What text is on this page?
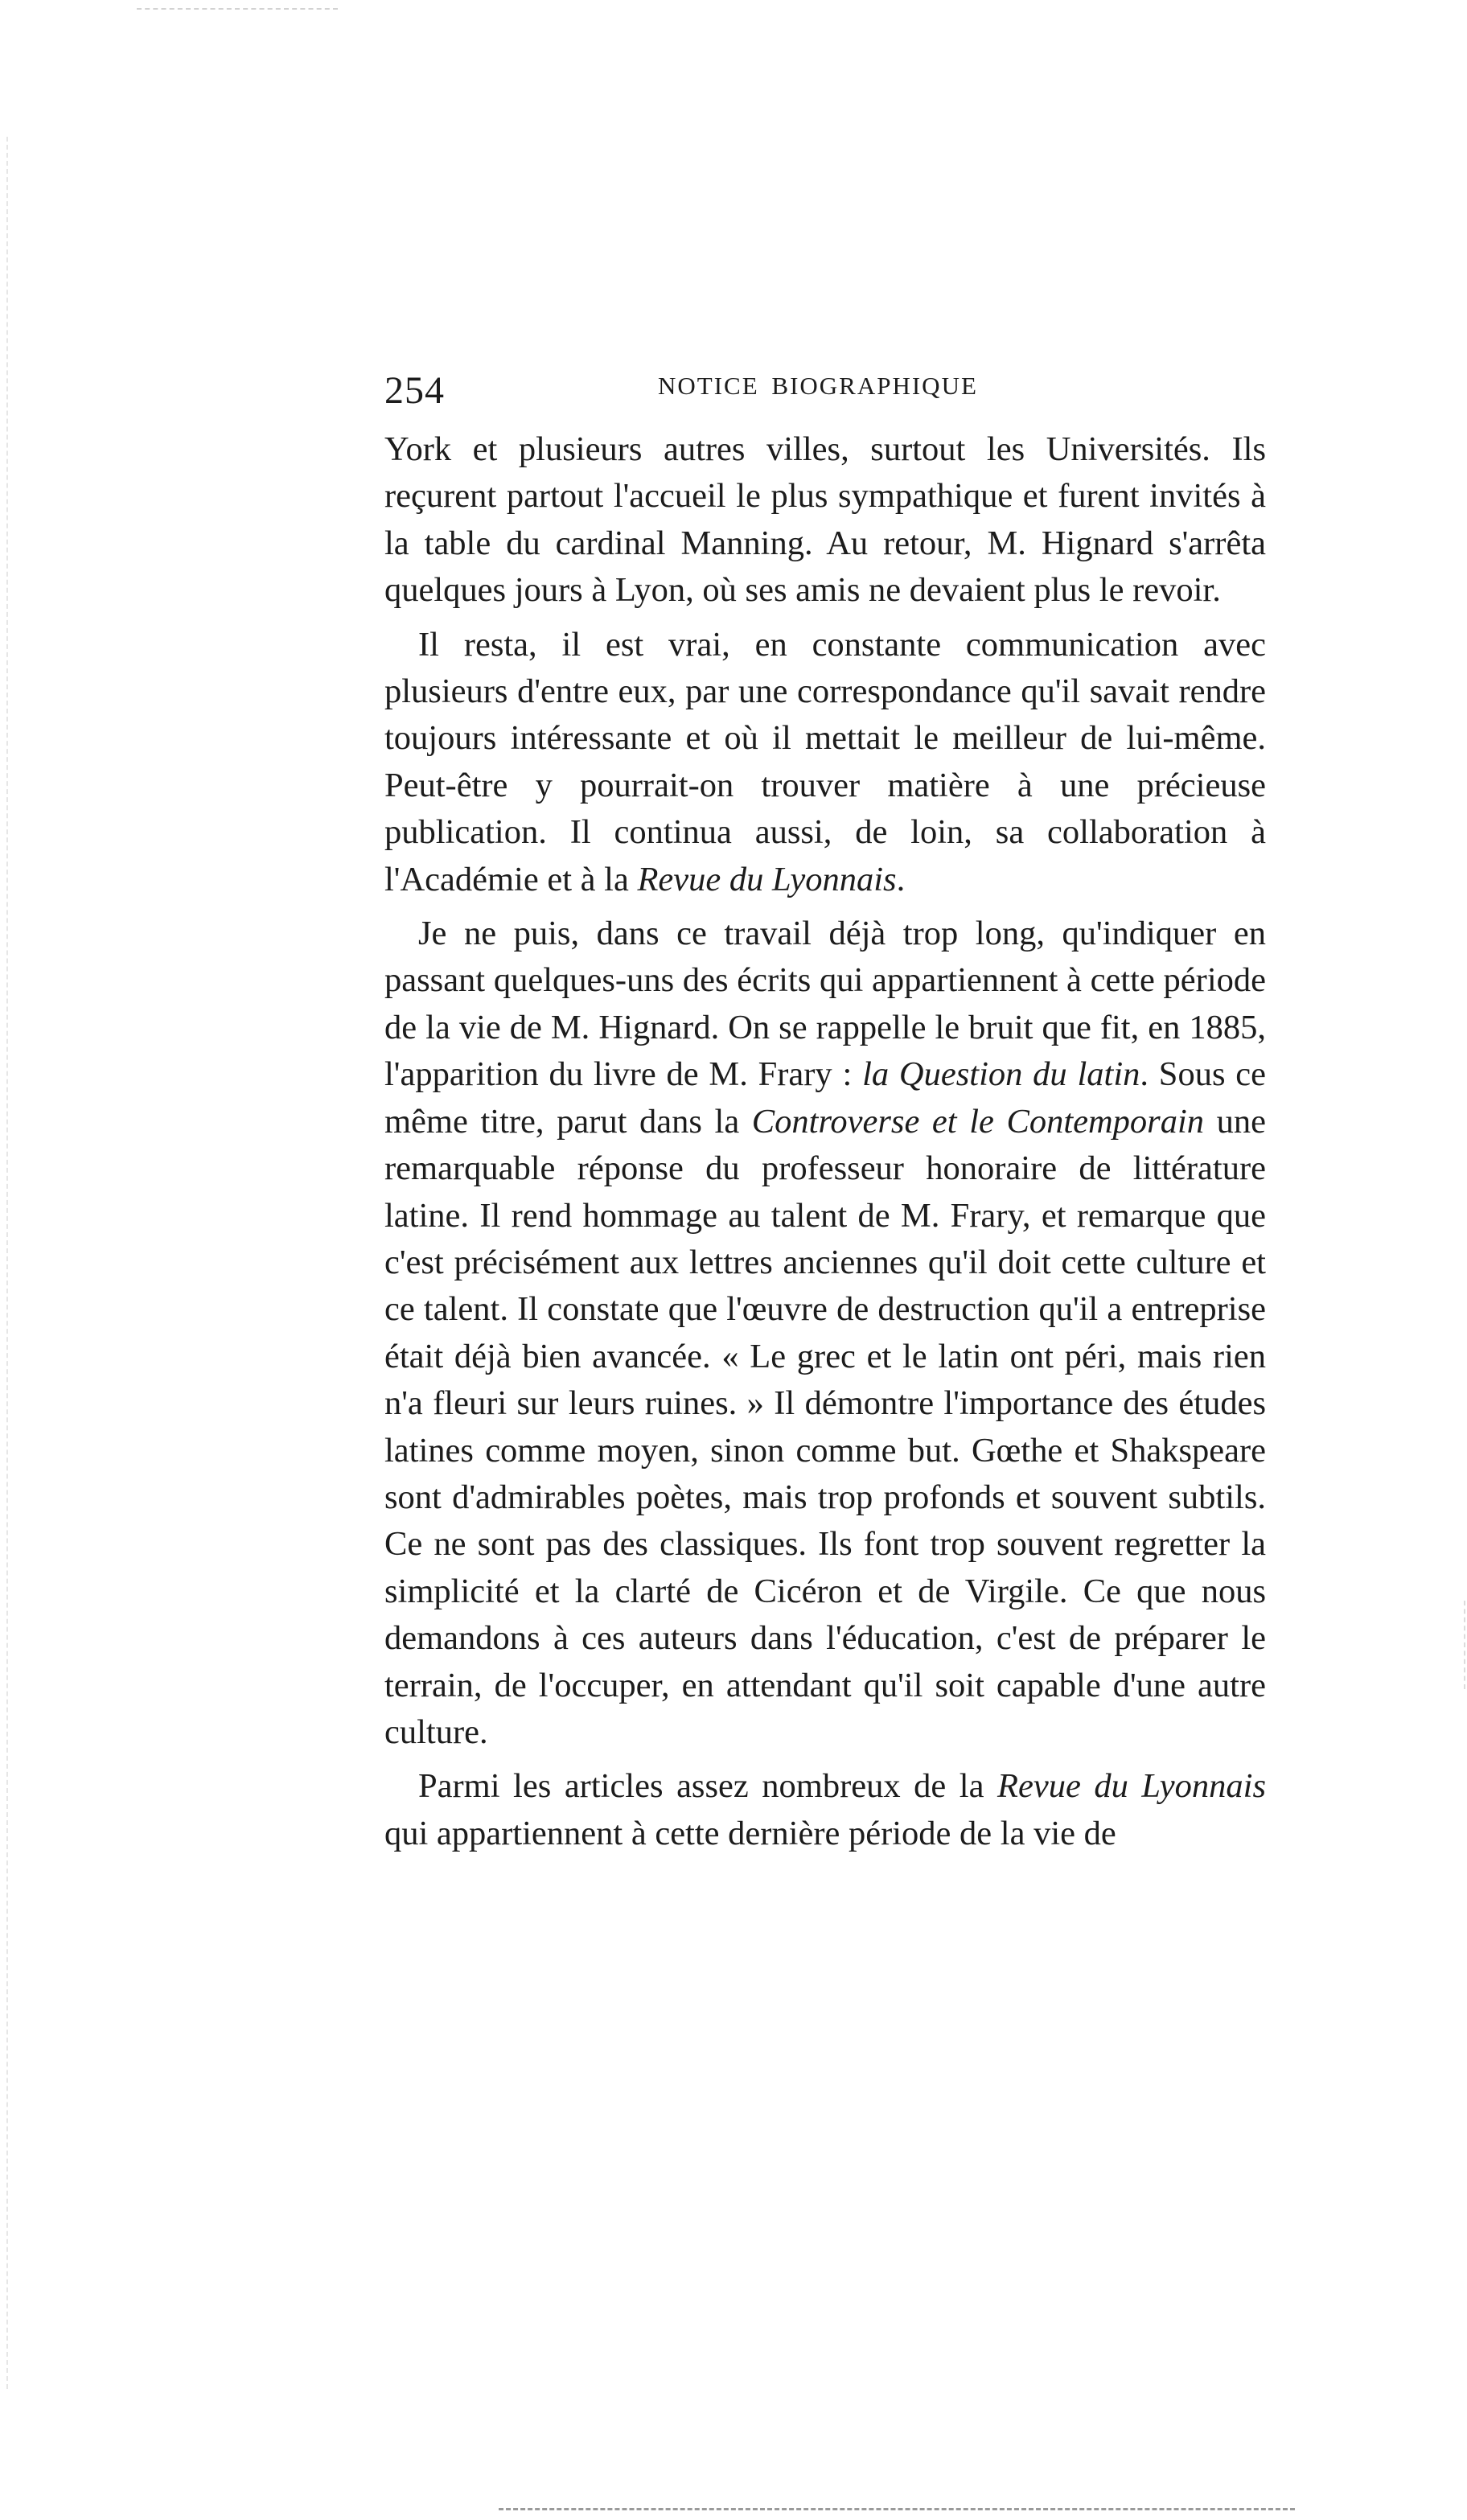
254	NOTICE BIOGRAPHIQUE

York et plusieurs autres villes, surtout les Universités. Ils reçurent partout l'accueil le plus sympathique et furent invités à la table du cardinal Manning. Au retour, M. Hignard s'arrêta quelques jours à Lyon, où ses amis ne devaient plus le revoir.

Il resta, il est vrai, en constante communication avec plusieurs d'entre eux, par une correspondance qu'il savait rendre toujours intéressante et où il mettait le meilleur de lui-même. Peut-être y pourrait-on trouver matière à une précieuse publication. Il continua aussi, de loin, sa collaboration à l'Académie et à la Revue du Lyonnais.

Je ne puis, dans ce travail déjà trop long, qu'indiquer en passant quelques-uns des écrits qui appartiennent à cette période de la vie de M. Hignard. On se rappelle le bruit que fit, en 1885, l'apparition du livre de M. Frary : la Question du latin. Sous ce même titre, parut dans la Controverse et le Contemporain une remarquable réponse du professeur honoraire de littérature latine. Il rend hommage au talent de M. Frary, et remarque que c'est précisément aux lettres anciennes qu'il doit cette culture et ce talent. Il constate que l'œuvre de destruction qu'il a entreprise était déjà bien avancée. « Le grec et le latin ont péri, mais rien n'a fleuri sur leurs ruines. » Il démontre l'importance des études latines comme moyen, sinon comme but. Gœthe et Shakspeare sont d'admirables poètes, mais trop profonds et souvent subtils. Ce ne sont pas des classiques. Ils font trop souvent regretter la simplicité et la clarté de Cicéron et de Virgile. Ce que nous demandons à ces auteurs dans l'éducation, c'est de préparer le terrain, de l'occuper, en attendant qu'il soit capable d'une autre culture.

Parmi les articles assez nombreux de la Revue du Lyonnais qui appartiennent à cette dernière période de la vie de
